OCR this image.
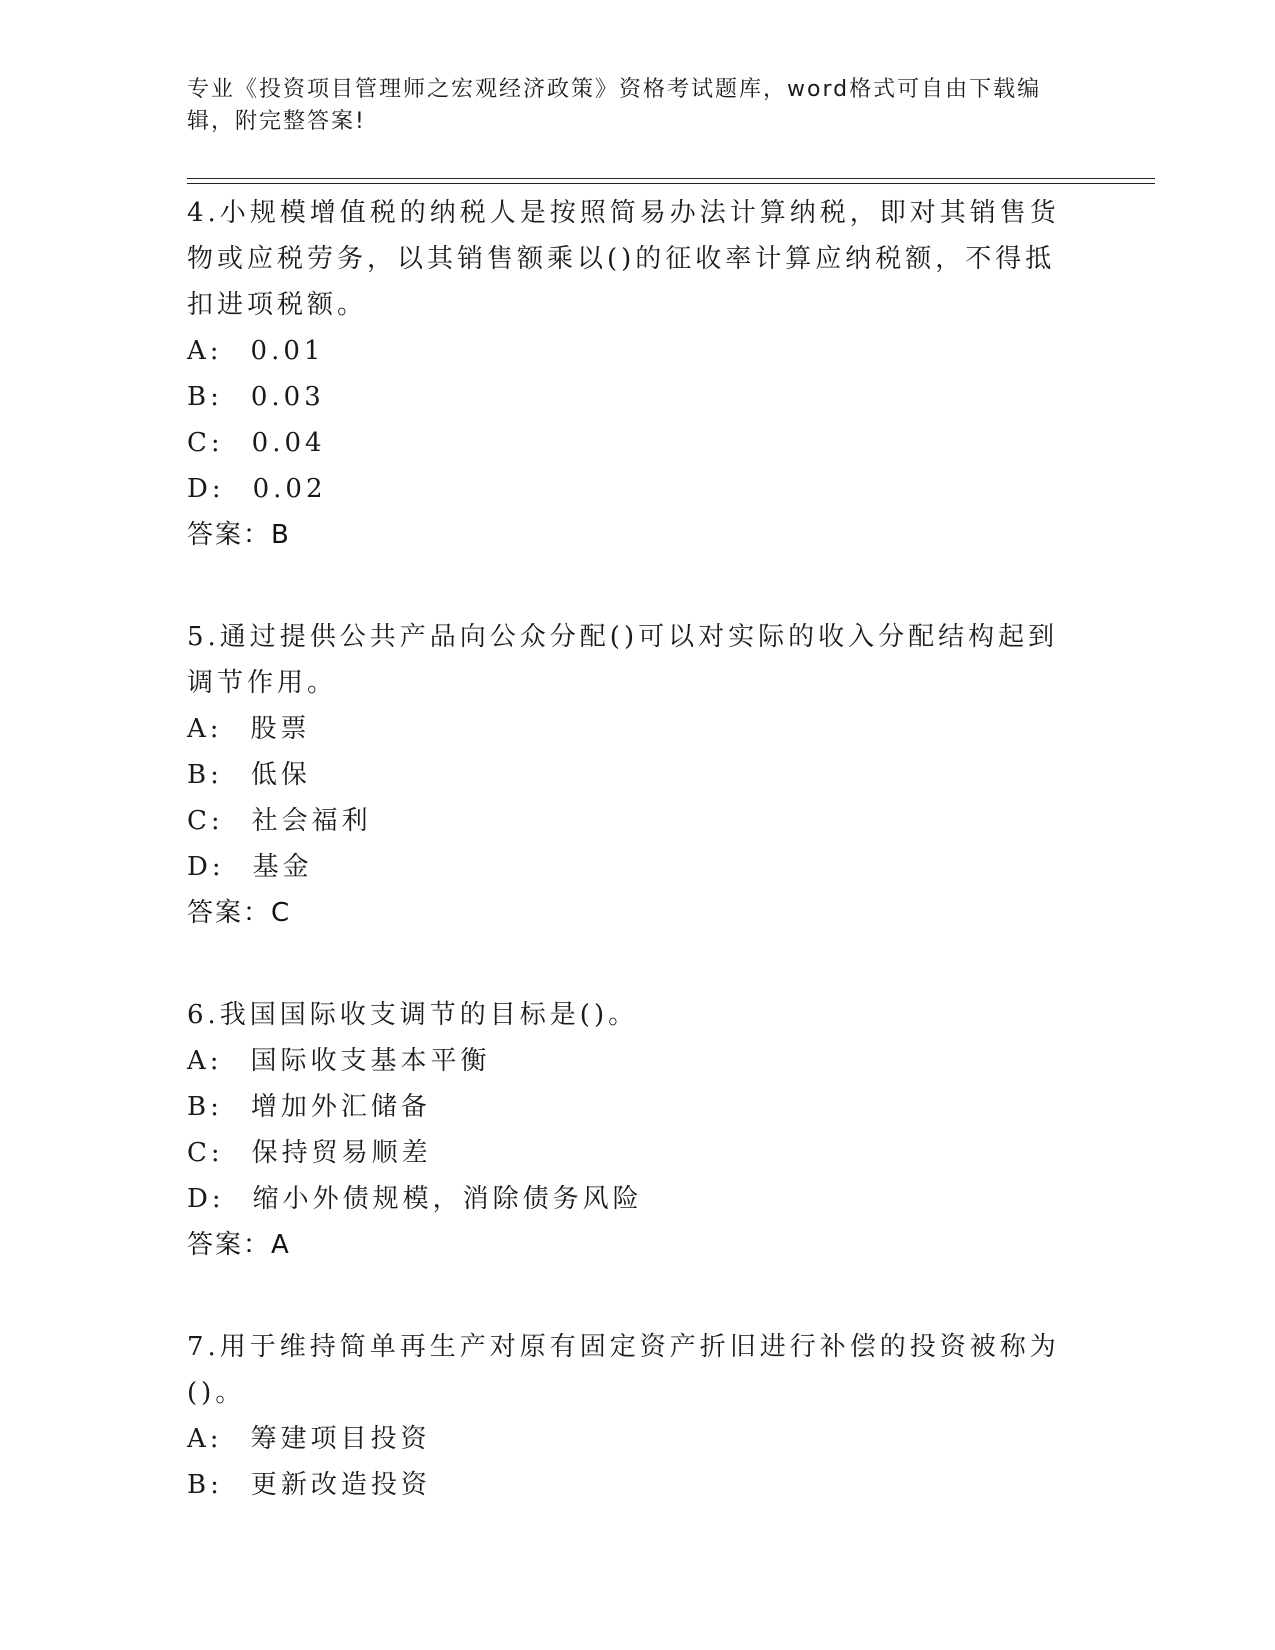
专业《投资项目管理师之宏观经济政策》资格考试题库，word格式可自由下载编
辑，附完整答案!

4.小规模增值税的纳税人是按照简易办法计算纳税，即对其销售货物或应税劳务，以其销售额乘以()的征收率计算应纳税额，不得抵扣进项税额。

A: 0.01

B: 0.03

C: 0.04

D: 0.02

答案：B

5.通过提供公共产品向公众分配()可以对实际的收入分配结构起到调节作用。

A: 股票

B: 低保

C: 社会福利

D: 基金

答案：C

6.我国国际收支调节的目标是()。

A: 国际收支基本平衡

B: 增加外汇储备

C: 保持贸易顺差

D: 缩小外债规模，消除债务风险

答案：A

7.用于维持简单再生产对原有固定资产折旧进行补偿的投资被称为()。

A: 筹建项目投资

B: 更新改造投资
